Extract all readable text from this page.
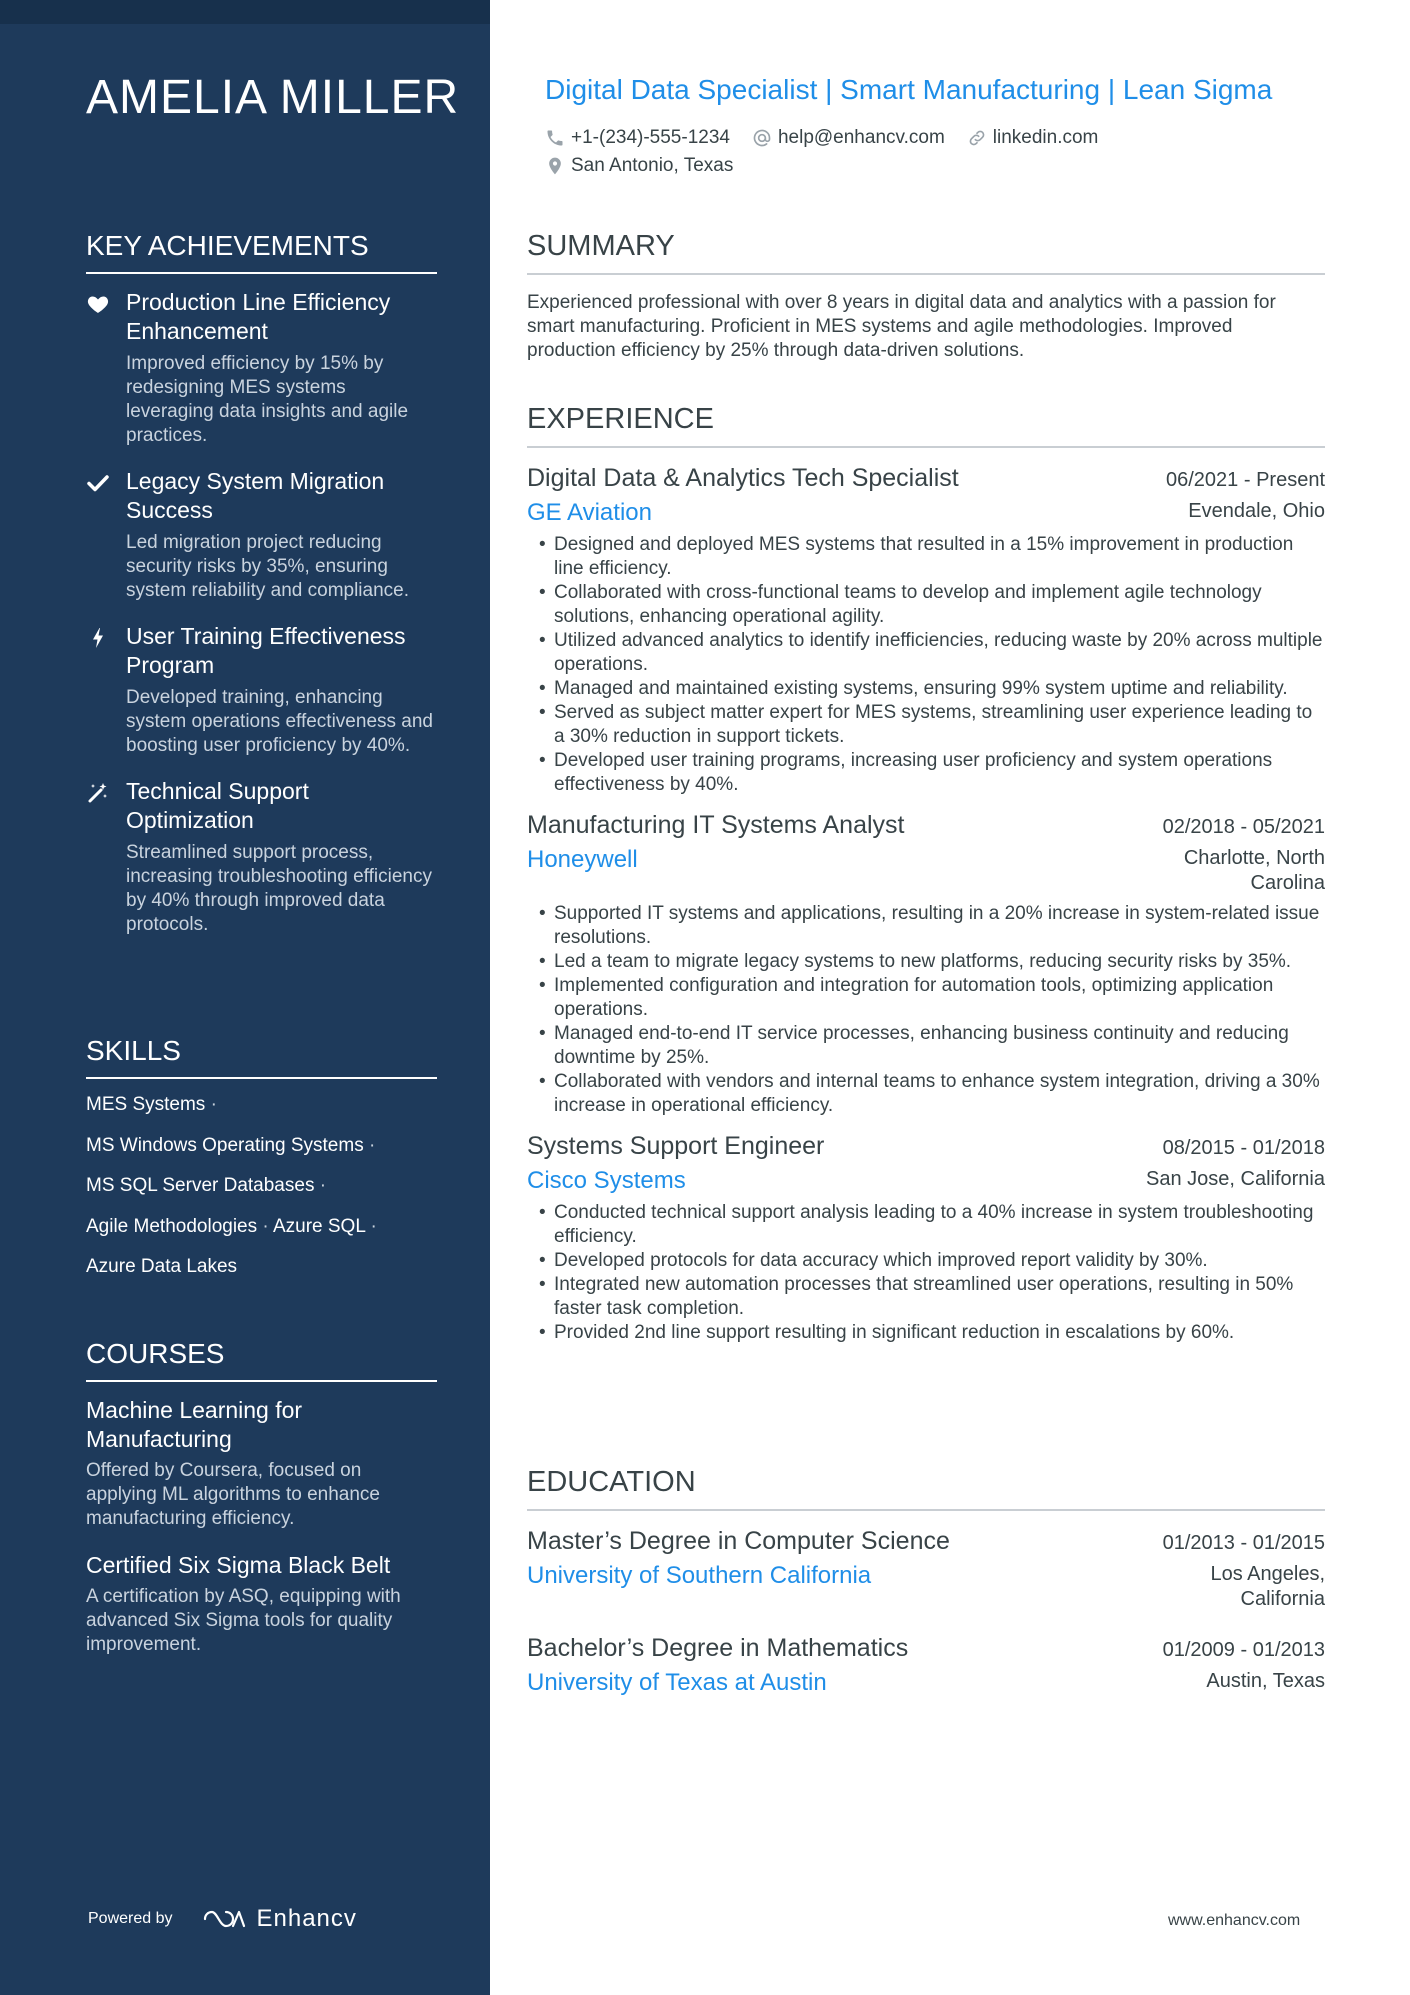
AMELIA MILLER
KEY ACHIEVEMENTS
Production Line Efficiency Enhancement
Improved efficiency by 15% by redesigning MES systems leveraging data insights and agile practices.
Legacy System Migration Success
Led migration project reducing security risks by 35%, ensuring system reliability and compliance.
User Training Effectiveness Program
Developed training, enhancing system operations effectiveness and boosting user proficiency by 40%.
Technical Support Optimization
Streamlined support process, increasing troubleshooting efficiency by 40% through improved data protocols.
SKILLS
MES Systems ·
MS Windows Operating Systems ·
MS SQL Server Databases ·
Agile Methodologies · Azure SQL ·
Azure Data Lakes
COURSES
Machine Learning for Manufacturing
Offered by Coursera, focused on applying ML algorithms to enhance manufacturing efficiency.
Certified Six Sigma Black Belt
A certification by ASQ, equipping with advanced Six Sigma tools for quality improvement.
Powered by	Enhancv
Digital Data Specialist | Smart Manufacturing | Lean Sigma
+1-(234)-555-1234	help@enhancv.com	linkedin.com
San Antonio, Texas
SUMMARY
Experienced professional with over 8 years in digital data and analytics with a passion for smart manufacturing. Proficient in MES systems and agile methodologies. Improved production efficiency by 25% through data-driven solutions.
EXPERIENCE
Digital Data & Analytics Tech Specialist	06/2021 - Present
GE Aviation	Evendale, Ohio
• Designed and deployed MES systems that resulted in a 15% improvement in production line efficiency.
• Collaborated with cross-functional teams to develop and implement agile technology solutions, enhancing operational agility.
• Utilized advanced analytics to identify inefficiencies, reducing waste by 20% across multiple operations.
• Managed and maintained existing systems, ensuring 99% system uptime and reliability.
• Served as subject matter expert for MES systems, streamlining user experience leading to a 30% reduction in support tickets.
• Developed user training programs, increasing user proficiency and system operations effectiveness by 40%.
Manufacturing IT Systems Analyst	02/2018 - 05/2021
Honeywell	Charlotte, North Carolina
• Supported IT systems and applications, resulting in a 20% increase in system-related issue resolutions.
• Led a team to migrate legacy systems to new platforms, reducing security risks by 35%.
• Implemented configuration and integration for automation tools, optimizing application operations.
• Managed end-to-end IT service processes, enhancing business continuity and reducing downtime by 25%.
• Collaborated with vendors and internal teams to enhance system integration, driving a 30% increase in operational efficiency.
Systems Support Engineer	08/2015 - 01/2018
Cisco Systems	San Jose, California
• Conducted technical support analysis leading to a 40% increase in system troubleshooting efficiency.
• Developed protocols for data accuracy which improved report validity by 30%.
• Integrated new automation processes that streamlined user operations, resulting in 50% faster task completion.
• Provided 2nd line support resulting in significant reduction in escalations by 60%.
EDUCATION
Master’s Degree in Computer Science	01/2013 - 01/2015
University of Southern California	Los Angeles, California
Bachelor’s Degree in Mathematics	01/2009 - 01/2013
University of Texas at Austin	Austin, Texas
www.enhancv.com
